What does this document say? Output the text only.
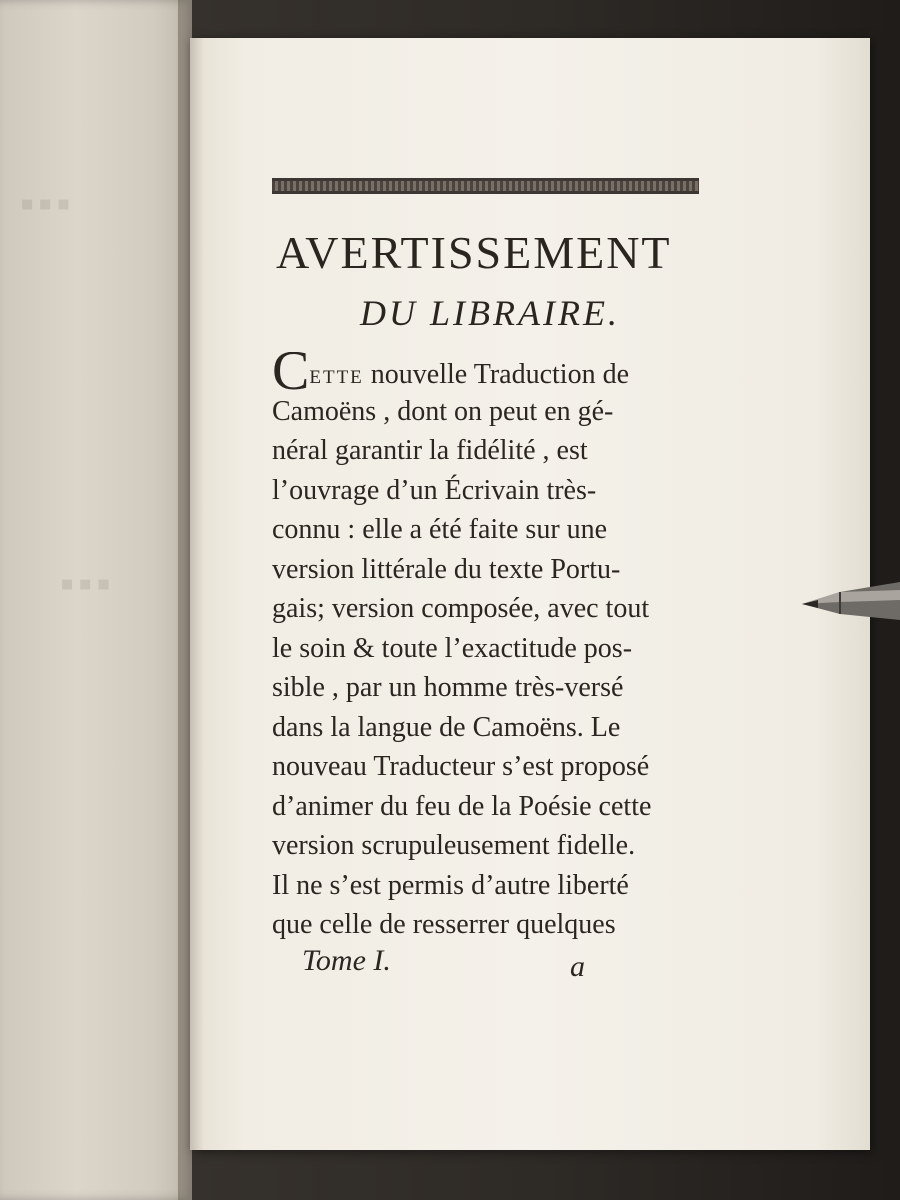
▪▪▪
▪▪▪
AVERTISSEMENT
DU LIBRAIRE.
CETTE nouvelle Traduction de
Camoëns , dont on peut en gé-
néral garantir la fidélité , est
l’ouvrage d’un Écrivain très-
connu : elle a été faite sur une
version littérale du texte Portu-
gais; version composée, avec tout
le soin & toute l’exactitude pos-
sible , par un homme très-versé
dans la langue de Camoëns. Le
nouveau Traducteur s’est proposé
d’animer du feu de la Poésie cette
version scrupuleusement fidelle.
Il ne s’est permis d’autre liberté
que celle de resserrer quelques
Tome I.	a
